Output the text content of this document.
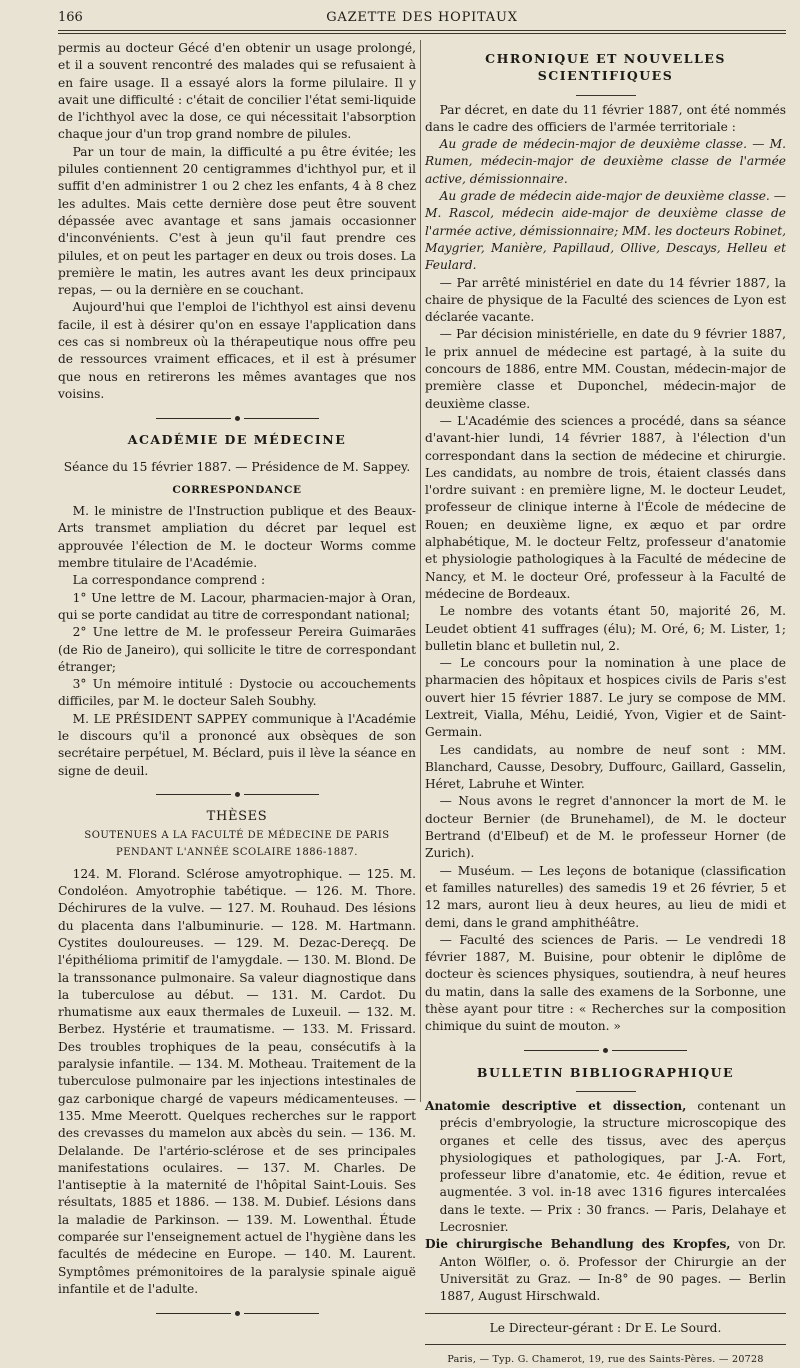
166	GAZETTE DES HOPITAUX

permis au docteur Gécé d'en obtenir un usage prolongé, et il a souvent rencontré des malades qui se refusaient à en faire usage. Il a essayé alors la forme pilulaire. Il y avait une difficulté : c'était de concilier l'état semi-liquide de l'ichthyol avec la dose, ce qui nécessitait l'absorption chaque jour d'un trop grand nombre de pilules.

Par un tour de main, la difficulté a pu être évitée; les pilules contiennent 20 centigrammes d'ichthyol pur, et il suffit d'en administrer 1 ou 2 chez les enfants, 4 à 8 chez les adultes. Mais cette dernière dose peut être souvent dépassée avec avantage et sans jamais occasionner d'inconvénients. C'est à jeun qu'il faut prendre ces pilules, et on peut les partager en deux ou trois doses. La première le matin, les autres avant les deux principaux repas, — ou la dernière en se couchant.

Aujourd'hui que l'emploi de l'ichthyol est ainsi devenu facile, il est à désirer qu'on en essaye l'application dans ces cas si nombreux où la thérapeutique nous offre peu de ressources vraiment efficaces, et il est à présumer que nous en retirerons les mêmes avantages que nos voisins.

ACADÉMIE DE MÉDECINE

Séance du 15 février 1887. — Présidence de M. Sappey.

CORRESPONDANCE

M. le ministre de l'Instruction publique et des Beaux-Arts transmet ampliation du décret par lequel est approuvée l'élection de M. le docteur Worms comme membre titulaire de l'Académie.

La correspondance comprend :

1° Une lettre de M. Lacour, pharmacien-major à Oran, qui se porte candidat au titre de correspondant national;

2° Une lettre de M. le professeur Pereira Guimarāes (de Rio de Janeiro), qui sollicite le titre de correspondant étranger;

3° Un mémoire intitulé : Dystocie ou accouchements difficiles, par M. le docteur Saleh Soubhy.

M. LE PRÉSIDENT SAPPEY communique à l'Académie le discours qu'il a prononcé aux obsèques de son secrétaire perpétuel, M. Béclard, puis il lève la séance en signe de deuil.

THÈSES
SOUTENUES A LA FACULTÉ DE MÉDECINE DE PARIS
PENDANT L'ANNÉE SCOLAIRE 1886-1887.

124. M. Florand. Sclérose amyotrophique. — 125. M. Condoléon. Amyotrophie tabétique. — 126. M. Thore. Déchirures de la vulve. — 127. M. Rouhaud. Des lésions du placenta dans l'albuminurie. — 128. M. Hartmann. Cystites douloureuses. — 129. M. Dezac-Dereçq. De l'épithélioma primitif de l'amygdale. — 130. M. Blond. De la transsonance pulmonaire. Sa valeur diagnostique dans la tuberculose au début. — 131. M. Cardot. Du rhumatisme aux eaux thermales de Luxeuil. — 132. M. Berbez. Hystérie et traumatisme. — 133. M. Frissard. Des troubles trophiques de la peau, consécutifs à la paralysie infantile. — 134. M. Motheau. Traitement de la tuberculose pulmonaire par les injections intestinales de gaz carbonique chargé de vapeurs médicamenteuses. — 135. Mme Meerott. Quelques recherches sur le rapport des crevasses du mamelon aux abcès du sein. — 136. M. Delalande. De l'artério-sclérose et de ses principales manifestations oculaires. — 137. M. Charles. De l'antiseptie à la maternité de l'hôpital Saint-Louis. Ses résultats, 1885 et 1886. — 138. M. Dubief. Lésions dans la maladie de Parkinson. — 139. M. Lowenthal. Étude comparée sur l'enseignement actuel de l'hygiène dans les facultés de médecine en Europe. — 140. M. Laurent. Symptômes prémonitoires de la paralysie spinale aiguë infantile et de l'adulte.

CHRONIQUE ET NOUVELLES SCIENTIFIQUES

Par décret, en date du 11 février 1887, ont été nommés dans le cadre des officiers de l'armée territoriale :

Au grade de médecin-major de deuxième classe. — M. Rumen, médecin-major de deuxième classe de l'armée active, démissionnaire.

Au grade de médecin aide-major de deuxième classe. — M. Rascol, médecin aide-major de deuxième classe de l'armée active, démissionnaire; MM. les docteurs Robinet, Maygrier, Manière, Papillaud, Ollive, Descays, Helleu et Feulard.

— Par arrêté ministériel en date du 14 février 1887, la chaire de physique de la Faculté des sciences de Lyon est déclarée vacante.

— Par décision ministérielle, en date du 9 février 1887, le prix annuel de médecine est partagé, à la suite du concours de 1886, entre MM. Coustan, médecin-major de première classe et Duponchel, médecin-major de deuxième classe.

— L'Académie des sciences a procédé, dans sa séance d'avant-hier lundi, 14 février 1887, à l'élection d'un correspondant dans la section de médecine et chirurgie. Les candidats, au nombre de trois, étaient classés dans l'ordre suivant : en première ligne, M. le docteur Leudet, professeur de clinique interne à l'École de médecine de Rouen; en deuxième ligne, ex æquo et par ordre alphabétique, M. le docteur Feltz, professeur d'anatomie et physiologie pathologiques à la Faculté de médecine de Nancy, et M. le docteur Oré, professeur à la Faculté de médecine de Bordeaux.

Le nombre des votants étant 50, majorité 26, M. Leudet obtient 41 suffrages (élu); M. Oré, 6; M. Lister, 1; bulletin blanc et bulletin nul, 2.

— Le concours pour la nomination à une place de pharmacien des hôpitaux et hospices civils de Paris s'est ouvert hier 15 février 1887. Le jury se compose de MM. Lextreit, Vialla, Méhu, Leidié, Yvon, Vigier et de Saint-Germain.

Les candidats, au nombre de neuf sont : MM. Blanchard, Causse, Desobry, Duffourc, Gaillard, Gasselin, Héret, Labruhe et Winter.

— Nous avons le regret d'annoncer la mort de M. le docteur Bernier (de Brunehamel), de M. le docteur Bertrand (d'Elbeuf) et de M. le professeur Horner (de Zurich).

— Muséum. — Les leçons de botanique (classification et familles naturelles) des samedis 19 et 26 février, 5 et 12 mars, auront lieu à deux heures, au lieu de midi et demi, dans le grand amphithéâtre.

— Faculté des sciences de Paris. — Le vendredi 18 février 1887, M. Buisine, pour obtenir le diplôme de docteur ès sciences physiques, soutiendra, à neuf heures du matin, dans la salle des examens de la Sorbonne, une thèse ayant pour titre : « Recherches sur la composition chimique du suint de mouton. »

BULLETIN BIBLIOGRAPHIQUE

Anatomie descriptive et dissection, contenant un précis d'embryologie, la structure microscopique des organes et celle des tissus, avec des aperçus physiologiques et pathologiques, par J.-A. Fort, professeur libre d'anatomie, etc. 4e édition, revue et augmentée. 3 vol. in-18 avec 1316 figures intercalées dans le texte. — Prix : 30 francs. — Paris, Delahaye et Lecrosnier.

Die chirurgische Behandlung des Kropfes, von Dr. Anton Wölfler, o. ö. Professor der Chirurgie an der Universität zu Graz. — In-8° de 90 pages. — Berlin 1887, August Hirschwald.

Le Directeur-gérant : Dr E. Le Sourd.

Paris, — Typ. G. Chamerot, 19, rue des Saints-Pères. — 20728
